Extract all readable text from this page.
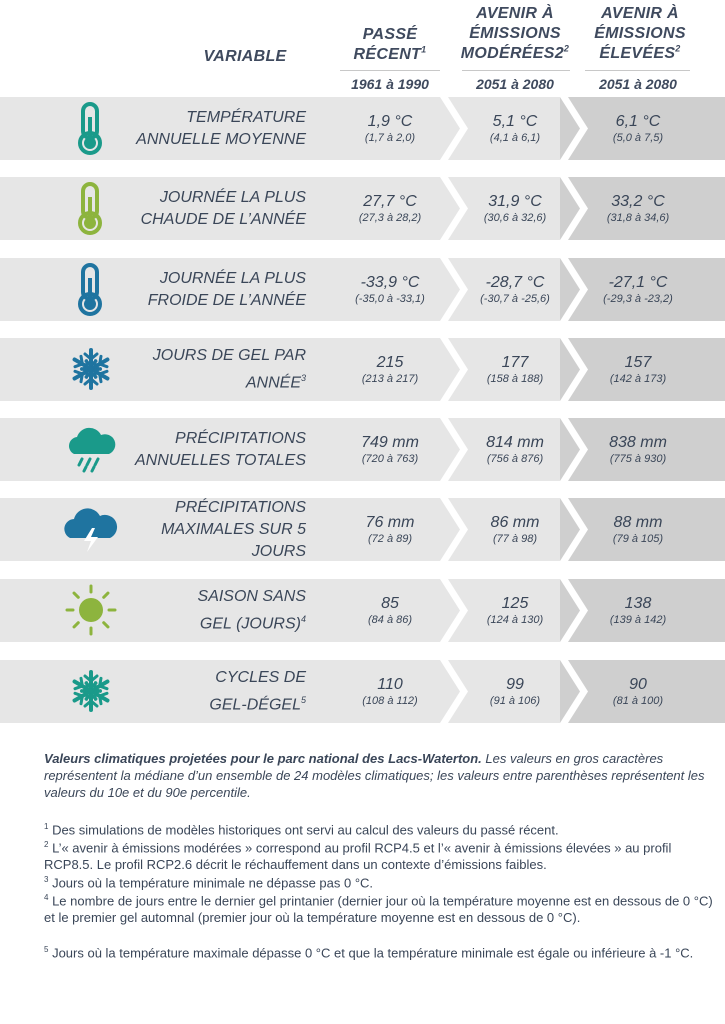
VARIABLE
PASSÉ
RÉCENT$^1$
AVENIR À
ÉMISSIONS
$MODÉRÉES2^2$
AVENIR À
ÉMISSIONS
ÉLEVÉES$^2$
1961 à 1990	2051 à 2080	2051 à 2080
TEMPÉRATURE
ANNUELLE MOYENNE
1,9 °C
(1,7 à 2,0)
5,1 °C
(4,1 à 6,1)
6,1 °C
(5,0 à 7,5)
JOURNÉE LA PLUS
CHAUDE DE L’ANNÉE
27,7 °C
(27,3 à 28,2)
31,9 °C
(30,6 à 32,6)
33,2 °C
(31,8 à 34,6)
JOURNÉE LA PLUS
FROIDE DE L’ANNÉE
-33,9 °C
(-35,0 à -33,1)
-28,7 °C
(-30,7 à -25,6)
-27,1 °C
(-29,3 à -23,2)
JOURS DE GEL PAR
ANNÉE$^3$
215
(213 à 217)
177
(158 à 188)
157
(142 à 173)
PRÉCIPITATIONS
ANNUELLES TOTALES
749 mm
(720 à 763)
814 mm
(756 à 876)
838 mm
(775 à 930)
PRÉCIPITATIONS
MAXIMALES SUR 5
JOURS
76 mm
(72 à 89)
86 mm
(77 à 98)
88 mm
(79 à 105)
SAISON SANS
GEL (JOURS)$^4$
85
(84 à 86)
125
(124 à 130)
138
(139 à 142)
CYCLES DE
GEL-DÉGEL$^5$
110
(108 à 112)
99
(91 à 106)
90
(81 à 100)
Valeurs climatiques projetées pour le parc national des Lacs-Waterton. Les valeurs en gros caractères représentent la médiane d’un ensemble de 24 modèles climatiques; les valeurs entre parenthèses représentent les valeurs du 10e et du 90e percentile.
$^1$ Des simulations de modèles historiques ont servi au calcul des valeurs du passé récent.
$^2$ L’« avenir à émissions modérées » correspond au profil RCP4.5 et l’« avenir à émissions élevées » au profil RCP8.5. Le profil RCP2.6 décrit le réchauffement dans un contexte d’émissions faibles.
$^3$ Jours où la température minimale ne dépasse pas 0 °C.
$^4$ Le nombre de jours entre le dernier gel printanier (dernier jour où la température moyenne est en dessous de 0 °C) et le premier gel automnal (premier jour où la température moyenne est en dessous de 0 °C).
$^5$ Jours où la température maximale dépasse 0 °C et que la température minimale est égale ou inférieure à -1 °C.
